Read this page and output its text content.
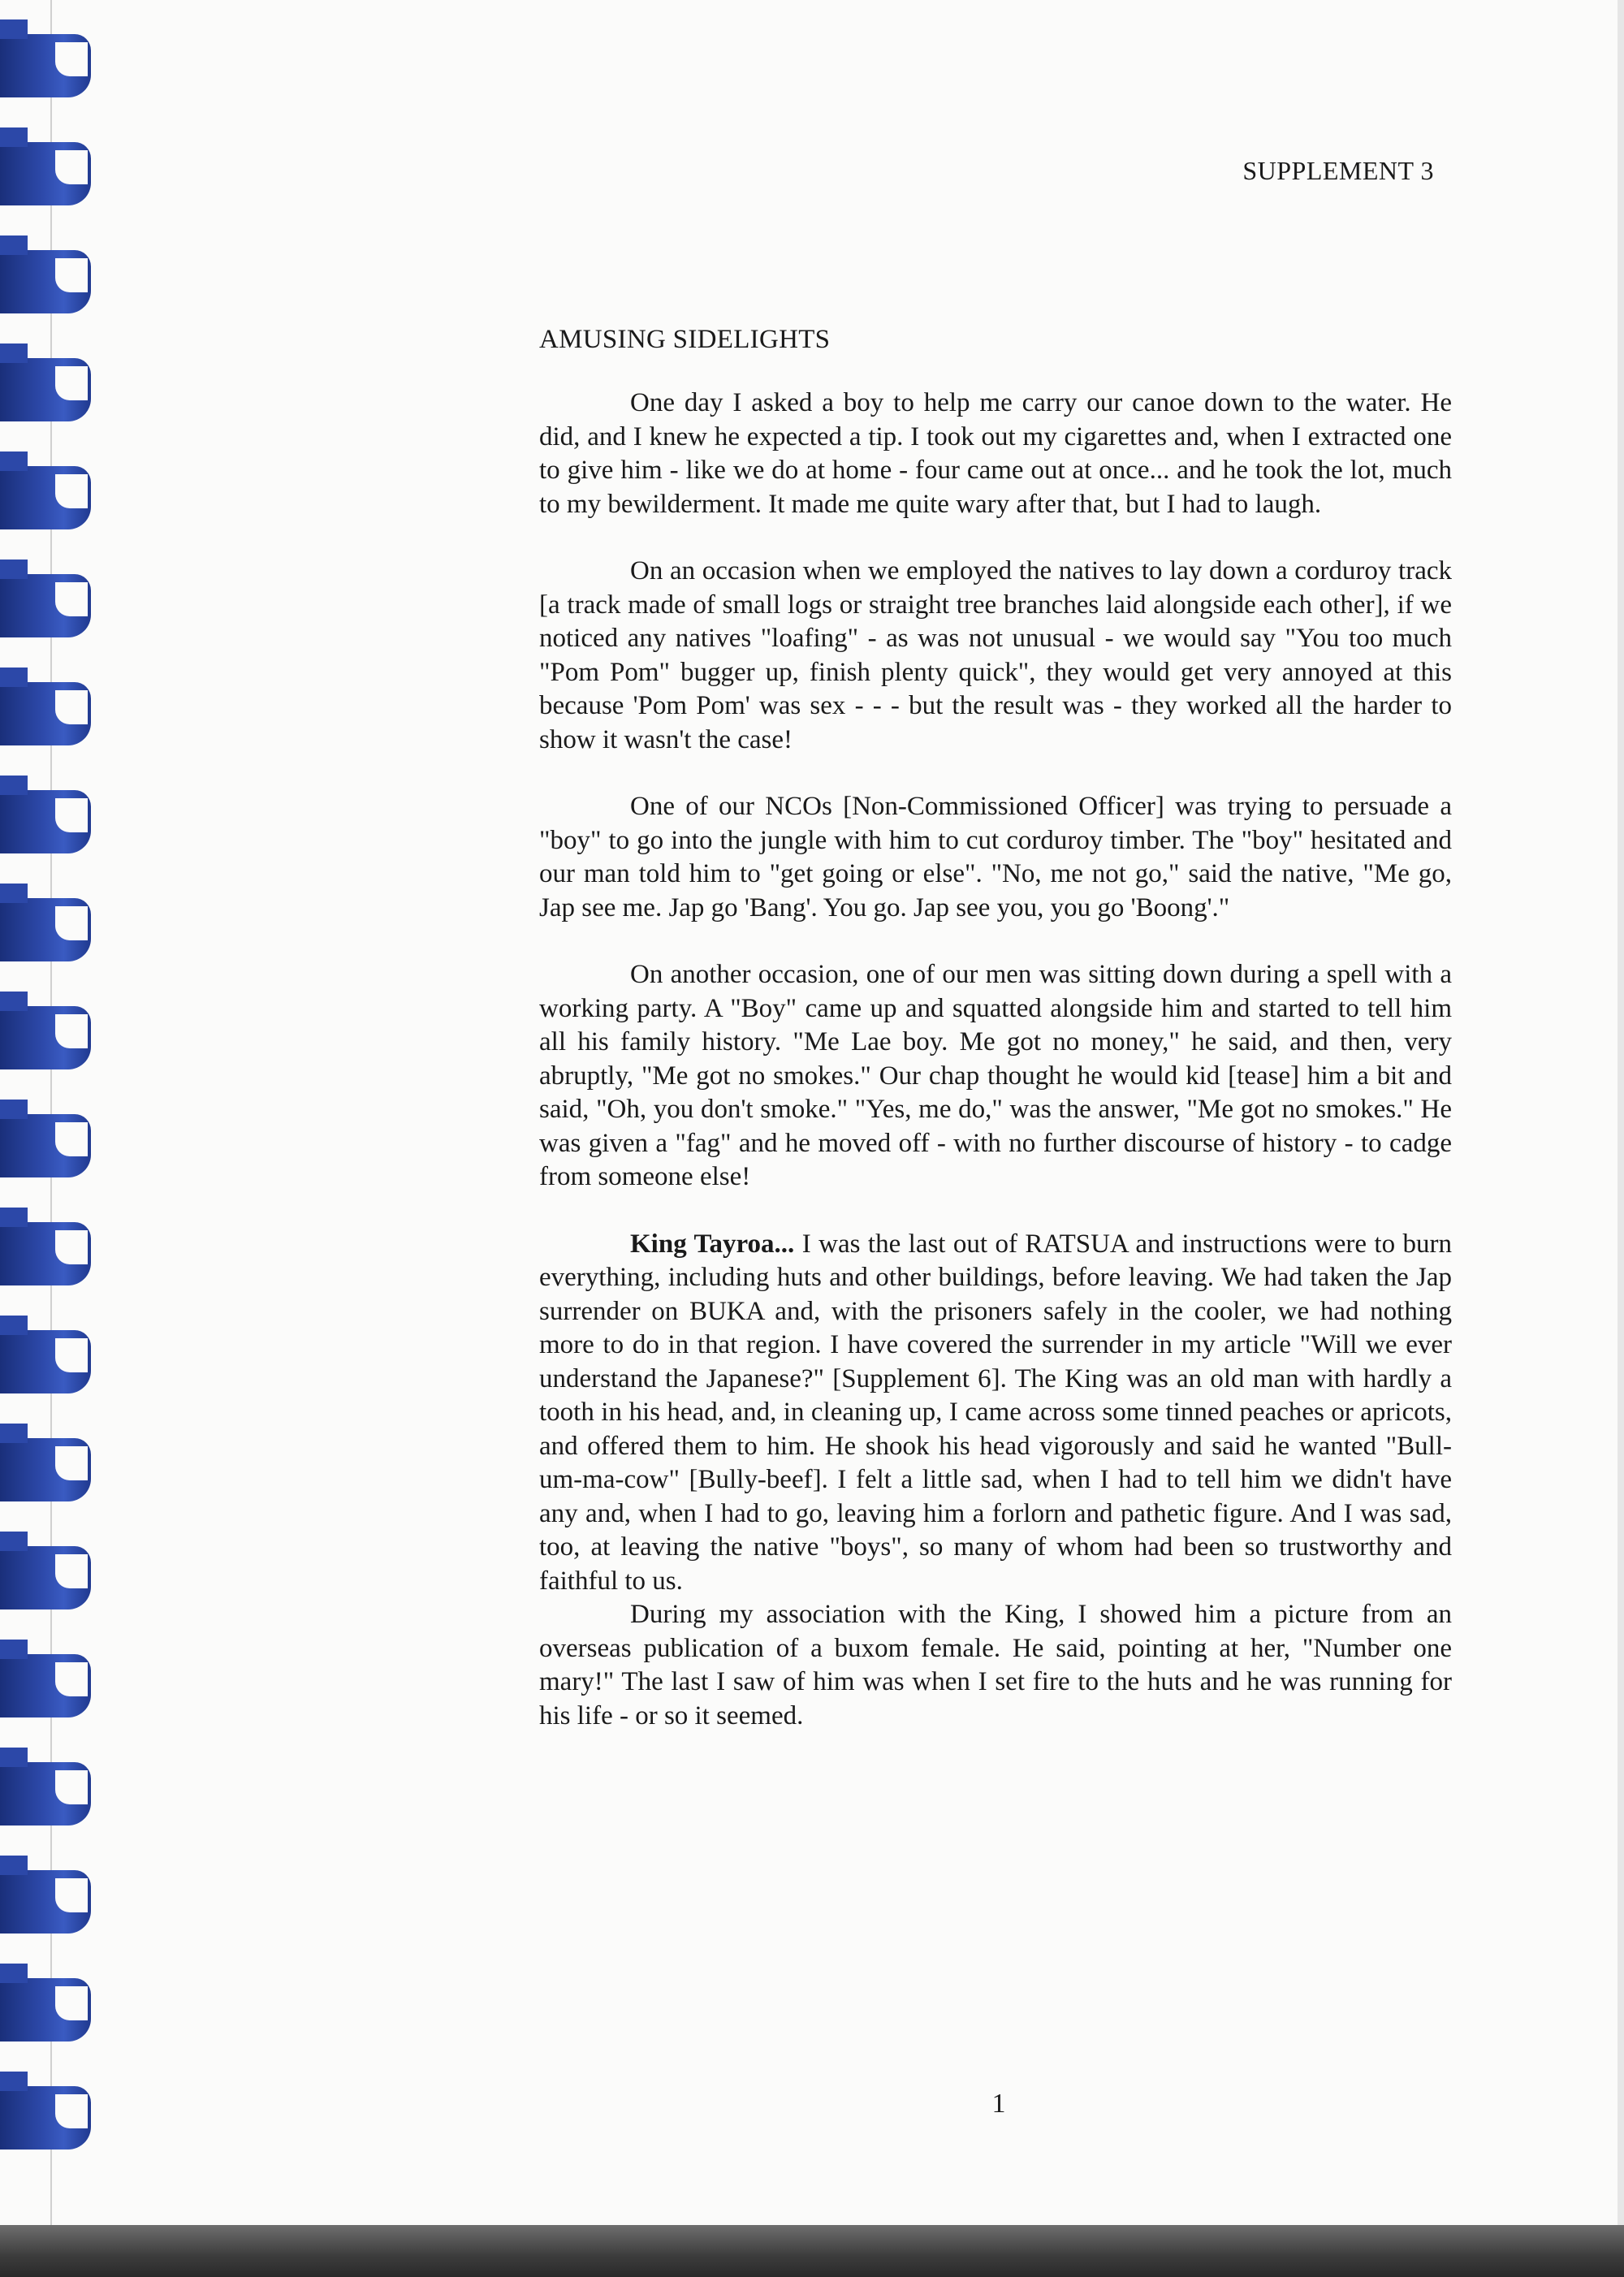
SUPPLEMENT 3
AMUSING SIDELIGHTS

One day I asked a boy to help me carry our canoe down to the water. He did, and I knew he expected a tip. I took out my cigarettes and, when I extracted one to give him - like we do at home - four came out at once... and he took the lot, much to my bewilderment. It made me quite wary after that, but I had to laugh.

On an occasion when we employed the natives to lay down a corduroy track [a track made of small logs or straight tree branches laid alongside each other], if we noticed any natives "loafing" - as was not unusual - we would say "You too much "Pom Pom" bugger up, finish plenty quick", they would get very annoyed at this because 'Pom Pom' was sex - - - but the result was - they worked all the harder to show it wasn't the case!

One of our NCOs [Non-Commissioned Officer] was trying to persuade a "boy" to go into the jungle with him to cut corduroy timber. The "boy" hesitated and our man told him to "get going or else". "No, me not go," said the native, "Me go, Jap see me. Jap go 'Bang'. You go. Jap see you, you go 'Boong'."

On another occasion, one of our men was sitting down during a spell with a working party. A "Boy" came up and squatted alongside him and started to tell him all his family history. "Me Lae boy. Me got no money," he said, and then, very abruptly, "Me got no smokes." Our chap thought he would kid [tease] him a bit and said, "Oh, you don't smoke." "Yes, me do," was the answer, "Me got no smokes." He was given a "fag" and he moved off - with no further discourse of history - to cadge from someone else!

King Tayroa... I was the last out of RATSUA and instructions were to burn everything, including huts and other buildings, before leaving. We had taken the Jap surrender on BUKA and, with the prisoners safely in the cooler, we had nothing more to do in that region. I have covered the surrender in my article "Will we ever understand the Japanese?" [Supplement 6]. The King was an old man with hardly a tooth in his head, and, in cleaning up, I came across some tinned peaches or apricots, and offered them to him. He shook his head vigorously and said he wanted "Bull-um-ma-cow" [Bully-beef]. I felt a little sad, when I had to tell him we didn't have any and, when I had to go, leaving him a forlorn and pathetic figure. And I was sad, too, at leaving the native "boys", so many of whom had been so trustworthy and faithful to us.

During my association with the King, I showed him a picture from an overseas publication of a buxom female. He said, pointing at her, "Number one mary!" The last I saw of him was when I set fire to the huts and he was running for his life - or so it seemed.

1
